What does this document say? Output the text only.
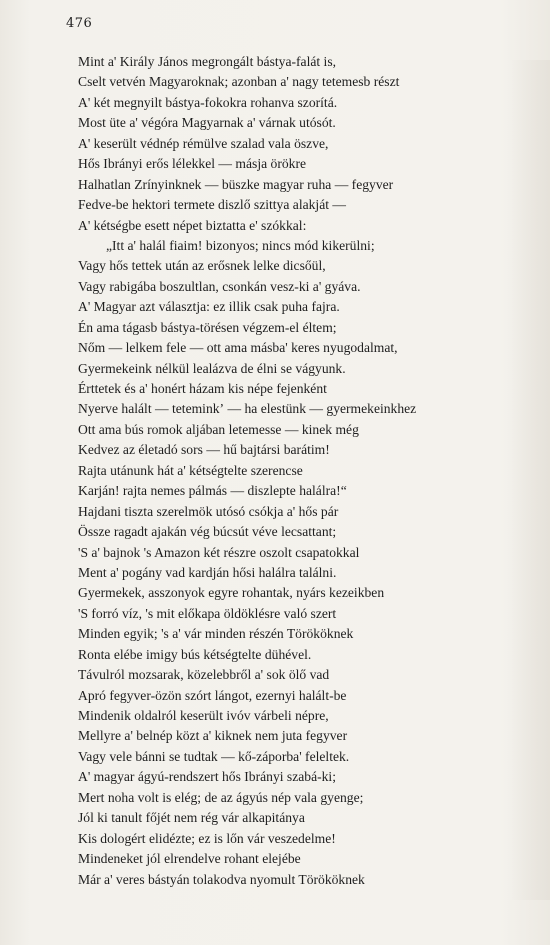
476
Mint a' Király János megrongált bástya-falát is,
Cselt vetvén Magyaroknak; azonban a' nagy tetemesb részt
A' két megnyilt bástya-fokokra rohanva szorítá.
Most üte a' végóra Magyarnak a' várnak utósót.
A' keserült védnép rémülve szalad vala öszve,
Hős Ibrányi erős lélekkel — másja örökre
Halhatlan Zrínyinknek — büszke magyar ruha — fegyver
Fedve-be hektori termete diszlő szittya alakját —
A' kétségbe esett népet biztatta e' szókkal:
„Itt a' halál fiaim! bizonyos; nincs mód kikerülni;
Vagy hős tettek után az erősnek lelke dicsőül,
Vagy rabigába boszultlan, csonkán vesz-ki a' gyáva.
A' Magyar azt választja: ez illik csak puha fajra.
Én ama tágasb bástya-törésen végzem-el éltem;
Nőm — lelkem fele — ott ama másba' keres nyugodalmat,
Gyermekeink nélkül lealázva de élni se vágyunk.
Érttetek és a' honért házam kis népe fejenként
Nyerve halált — teteminkʼ — ha elestünk — gyermekeinkhez
Ott ama bús romok aljában letemesse — kinek még
Kedvez az életadó sors — hű bajtársi barátim!
Rajta utánunk hát a' kétségtelte szerencse
Karján! rajta nemes pálmás — diszlepte halálra!“
Hajdani tiszta szerelmök utósó csókja a' hős pár
Össze ragadt ajakán vég búcsút véve lecsattant;
'S a' bajnok 's Amazon két részre oszolt csapatokkal
Ment a' pogány vad kardján hősi halálra találni.
Gyermekek, asszonyok egyre rohantak, nyárs kezeikben
'S forró víz, 's mit előkapa öldöklésre való szert
Minden egyik; 's a' vár minden részén Törököknek
Ronta elébe imigy bús kétségtelte dühével.
Távulról mozsarak, közelebbről a' sok ölő vad
Apró fegyver-özön szórt lángot, ezernyi halált-be
Mindenik oldalról keserült ivóv várbeli népre,
Mellyre a' belnép közt a' kiknek nem juta fegyver
Vagy vele bánni se tudtak — kő-záporba' feleltek.
A' magyar ágyú-rendszert hős Ibrányi szabá-ki;
Mert noha volt is elég; de az ágyús nép vala gyenge;
Jól ki tanult főjét nem rég vár alkapitánya
Kis dologért elidézte; ez is lőn vár veszedelme!
Mindeneket jól elrendelve rohant elejébe
Már a' veres bástyán tolakodva nyomult Törököknek
